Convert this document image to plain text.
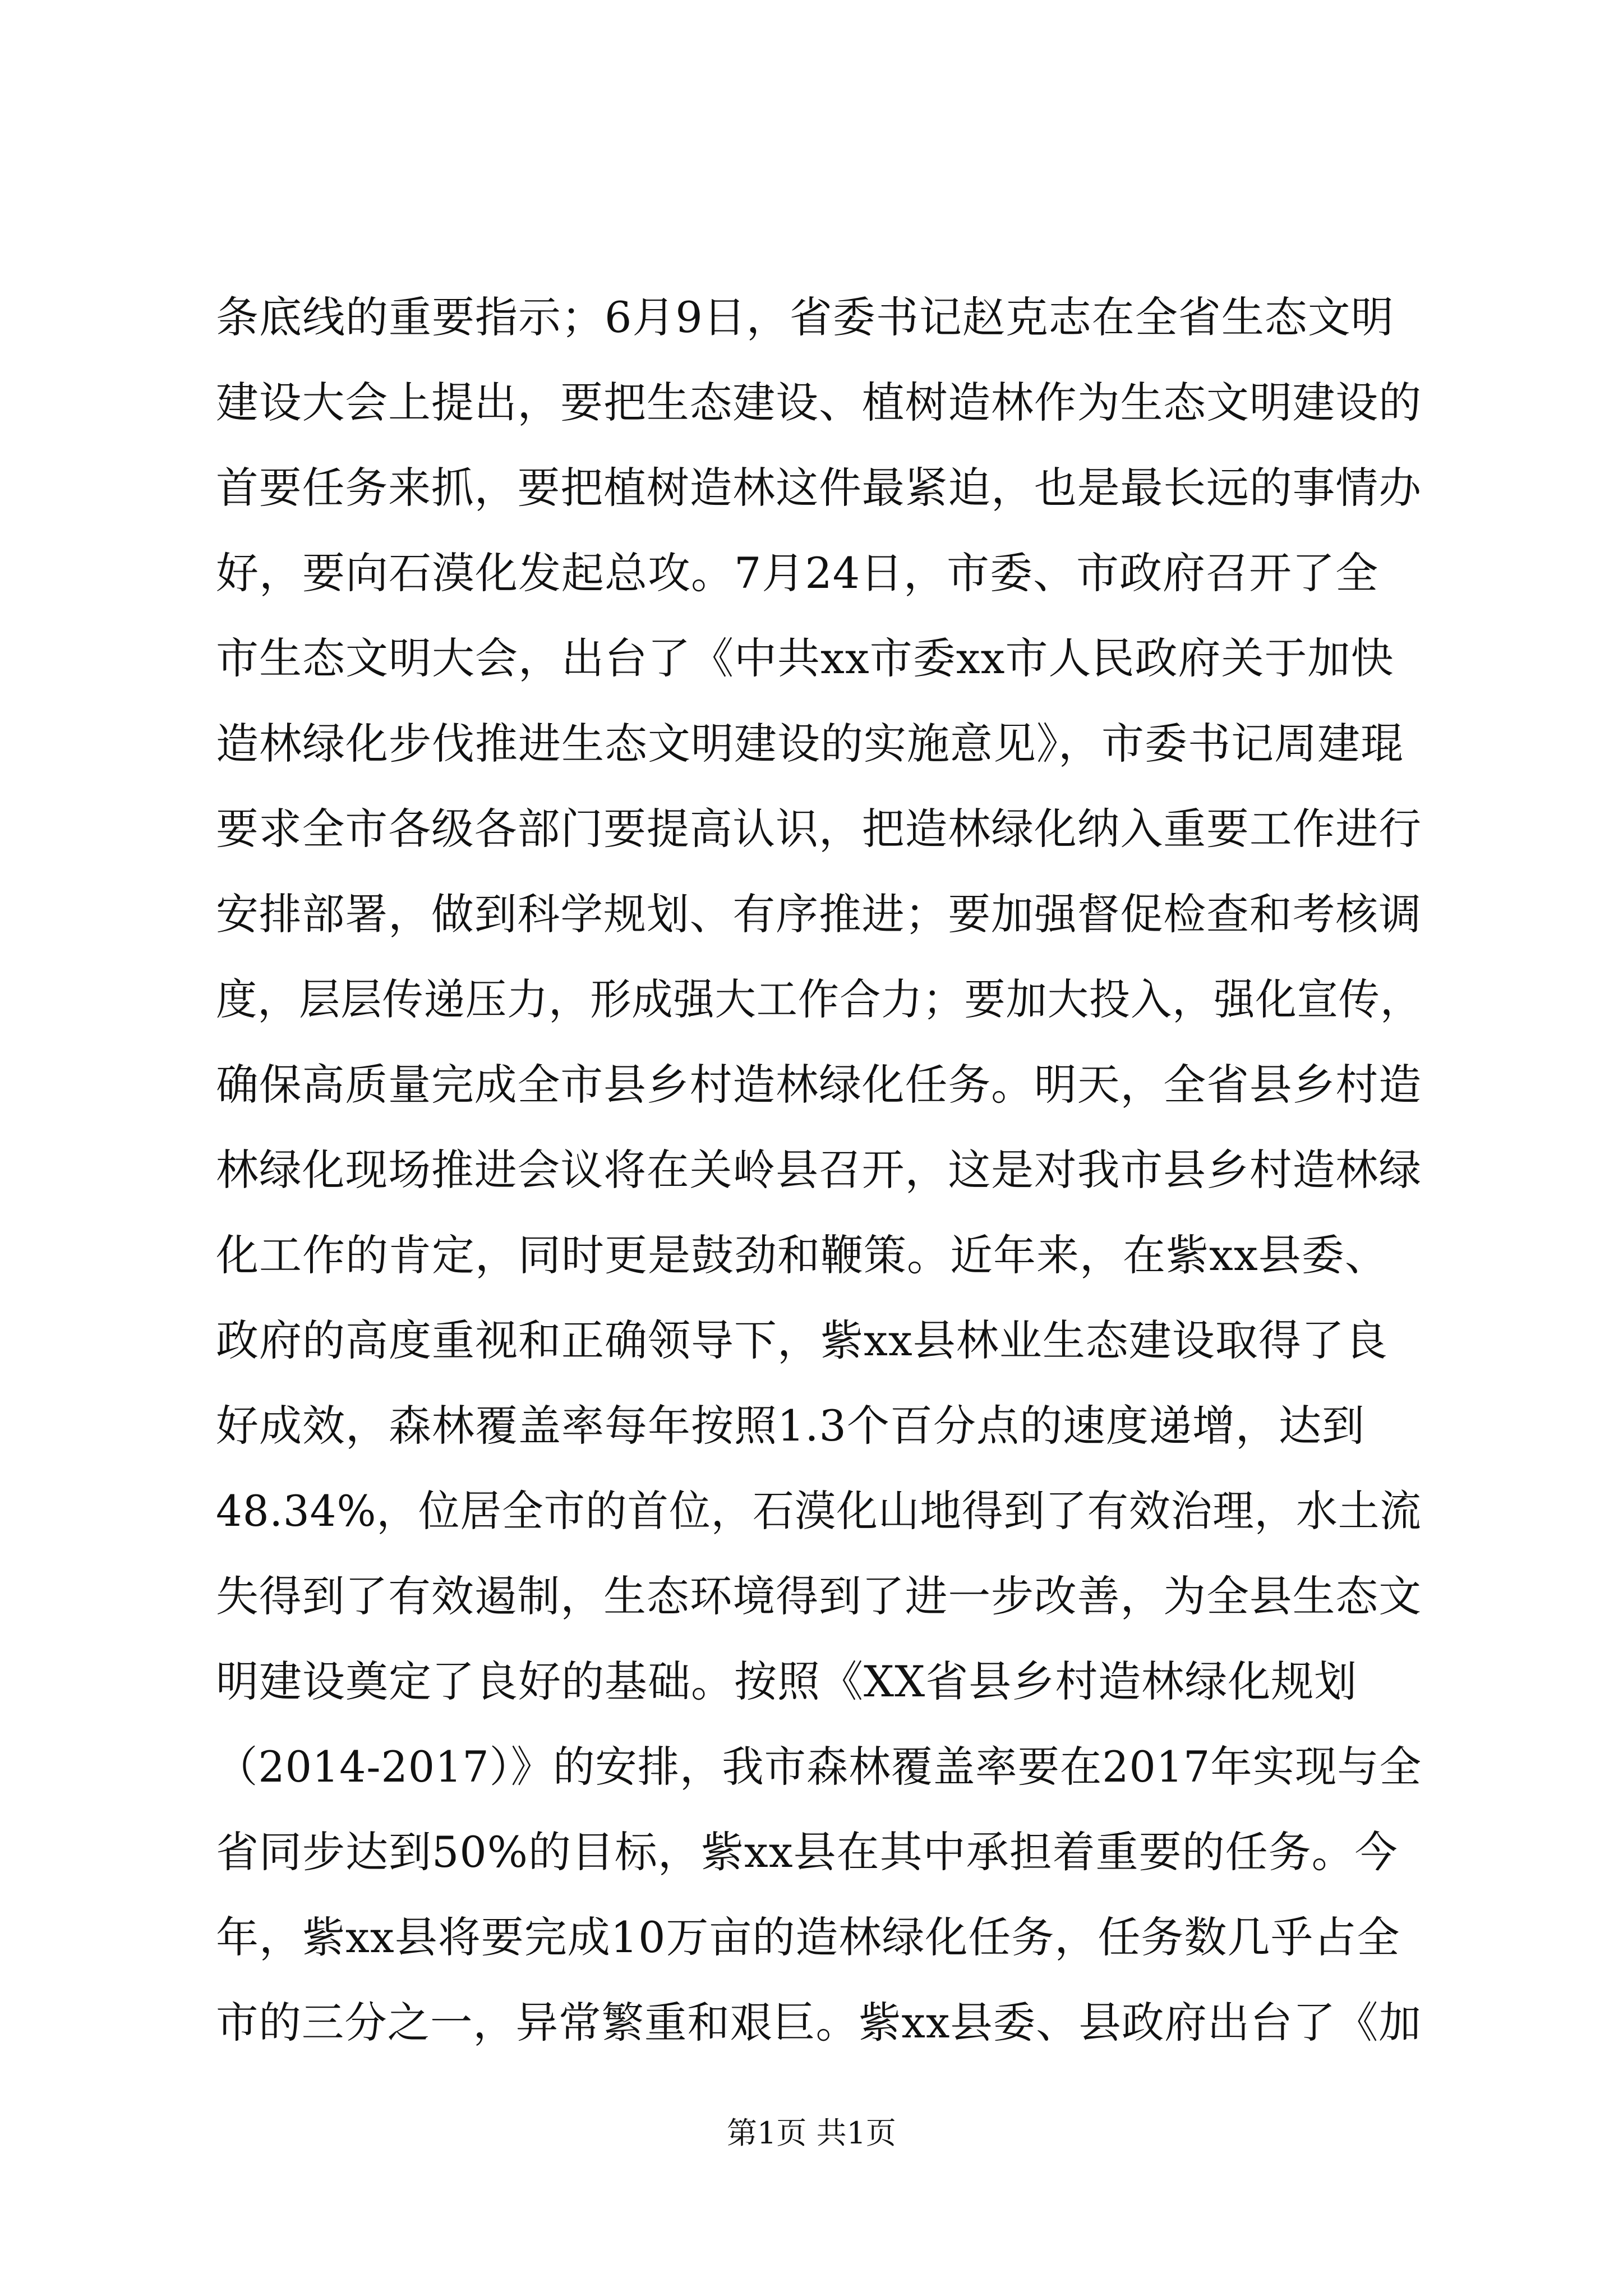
条底线的重要指示；6月9日，省委书记赵克志在全省生态文明
建设大会上提出，要把生态建设、植树造林作为生态文明建设的
首要任务来抓，要把植树造林这件最紧迫，也是最长远的事情办
好，要向石漠化发起总攻。7月24日，市委、市政府召开了全
市生态文明大会，出台了《中共xx市委xx市人民政府关于加快
造林绿化步伐推进生态文明建设的实施意见》，市委书记周建琨
要求全市各级各部门要提高认识，把造林绿化纳入重要工作进行
安排部署，做到科学规划、有序推进；要加强督促检查和考核调
度，层层传递压力，形成强大工作合力；要加大投入，强化宣传，
确保高质量完成全市县乡村造林绿化任务。明天，全省县乡村造
林绿化现场推进会议将在关岭县召开，这是对我市县乡村造林绿
化工作的肯定，同时更是鼓劲和鞭策。近年来，在紫xx县委、
政府的高度重视和正确领导下，紫xx县林业生态建设取得了良
好成效，森林覆盖率每年按照1.3个百分点的速度递增，达到
48.34%，位居全市的首位，石漠化山地得到了有效治理，水土流
失得到了有效遏制，生态环境得到了进一步改善，为全县生态文
明建设奠定了良好的基础。按照《XX省县乡村造林绿化规划
（2014-2017）》的安排，我市森林覆盖率要在2017年实现与全
省同步达到50%的目标，紫xx县在其中承担着重要的任务。今
年，紫xx县将要完成10万亩的造林绿化任务，任务数几乎占全
市的三分之一，异常繁重和艰巨。紫xx县委、县政府出台了《加
第1页 共1页
